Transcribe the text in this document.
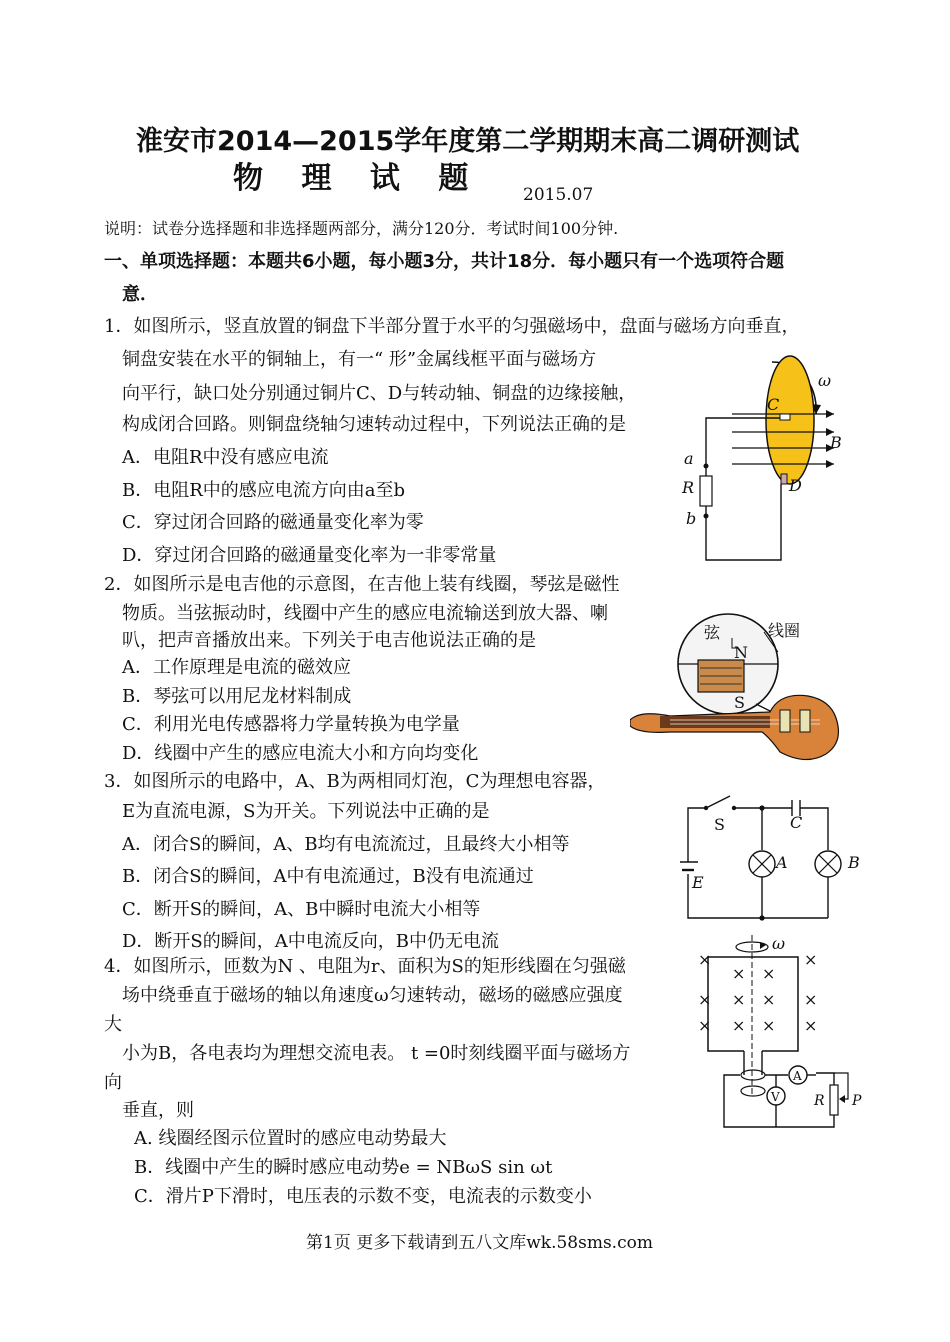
淮安市2014—2015学年度第二学期期末高二调研测试
物 理 试 题 2015.07
说明：试卷分选择题和非选择题两部分，满分120分．考试时间100分钟.
一、单项选择题：本题共6小题，每小题3分，共计18分．每小题只有一个选项符合题
意．
1．如图所示，竖直放置的铜盘下半部分置于水平的匀强磁场中，盘面与磁场方向垂直，
铜盘安装在水平的铜轴上，有一“ 形”金属线框平面与磁场方
向平行，缺口处分别通过铜片C、D与转动轴、铜盘的边缘接触，
构成闭合回路。则铜盘绕轴匀速转动过程中，下列说法正确的是
A．电阻R中没有感应电流
B．电阻R中的感应电流方向由a至b
C．穿过闭合回路的磁通量变化率为零
D．穿过闭合回路的磁通量变化率为一非零常量
ω
C
B
a
R
b
D
2．如图所示是电吉他的示意图，在吉他上装有线圈，琴弦是磁性
物质。当弦振动时，线圈中产生的感应电流输送到放大器、喇
叭，把声音播放出来。下列关于电吉他说法正确的是
A．工作原理是电流的磁效应
B．琴弦可以用尼龙材料制成
C．利用光电传感器将力学量转换为电学量
D．线圈中产生的感应电流大小和方向均变化
弦	线圈
N
S
3．如图所示的电路中，A、B为两相同灯泡，C为理想电容器，
E为直流电源，S为开关。下列说法中正确的是
A．闭合S的瞬间，A、B均有电流流过，且最终大小相等
B．闭合S的瞬间，A中有电流通过，B没有电流通过
C．断开S的瞬间，A、B中瞬时电流大小相等
D．断开S的瞬间，A中电流反向，B中仍无电流
S	C
A	B
E
4．如图所示，匝数为N 、电阻为r、面积为S的矩形线圈在匀强磁
场中绕垂直于磁场的轴以角速度ω匀速转动，磁场的磁感应强度
大
小为B，各电表均为理想交流电表。 t =0时刻线圈平面与磁场方
向
垂直，则
A. 线圈经图示位置时的感应电动势最大
B．线圈中产生的瞬时感应电动势e = NBωS sin ωt
C．滑片P下滑时，电压表的示数不变，电流表的示数变小
×
× ×
×
× × × ×
× × × ×
ω
A
V R P
第1页 更多下载请到五八文库wk.58sms.com
